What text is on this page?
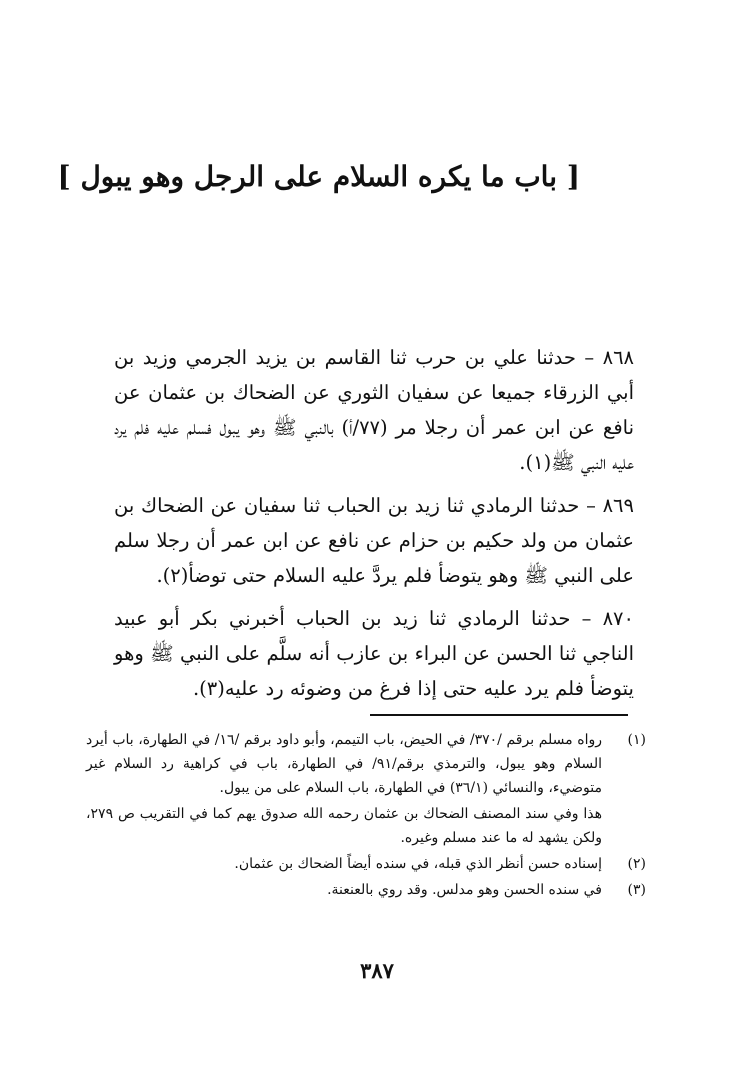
[ باب ما يكره السلام على الرجل وهو يبول ]

٨٦٨ – حدثنا علي بن حرب ثنا القاسم بن يزيد الجرمي وزيد بن أبي الزرقاء جميعا عن سفيان الثوري عن الضحاك بن عثمان عن نافع عن ابن عمر أن رجلا مر (٧٧/أ) بالنبي ﷺ وهو يبول فسلم عليه فلم يرد عليه النبي ﷺ(١).

٨٦٩ – حدثنا الرمادي ثنا زيد بن الحباب ثنا سفيان عن الضحاك بن عثمان من ولد حكيم بن حزام عن نافع عن ابن عمر أن رجلا سلم على النبي ﷺ وهو يتوضأ فلم يردَّ عليه السلام حتى توضأ(٢).

٨٧٠ – حدثنا الرمادي ثنا زيد بن الحباب أخبرني بكر أبو عبيد الناجي ثنا الحسن عن البراء بن عازب أنه سلَّم على النبي ﷺ وهو يتوضأ فلم يرد عليه حتى إذا فرغ من وضوئه رد عليه(٣).

(١)
رواه مسلم برقم /٣٧٠/ في الحيض، باب التيمم، وأبو داود برقم /١٦/ في الطهارة، باب أيرد السلام وهو يبول، والترمذي برقم/٩١/ في الطهارة، باب في كراهية رد السلام غير متوضيء، والنسائي (٣٦/١) في الطهارة، باب السلام على من يبول.
هذا وفي سند المصنف الضحاك بن عثمان رحمه الله صدوق يهم كما في التقريب ص ٢٧٩، ولكن يشهد له ما عند مسلم وغيره.
(٢)
إسناده حسن أنظر الذي قبله، في سنده أيضاً الضحاك بن عثمان.
(٣)
في سنده الحسن وهو مدلس. وقد روي بالعنعنة.
٣٨٧
